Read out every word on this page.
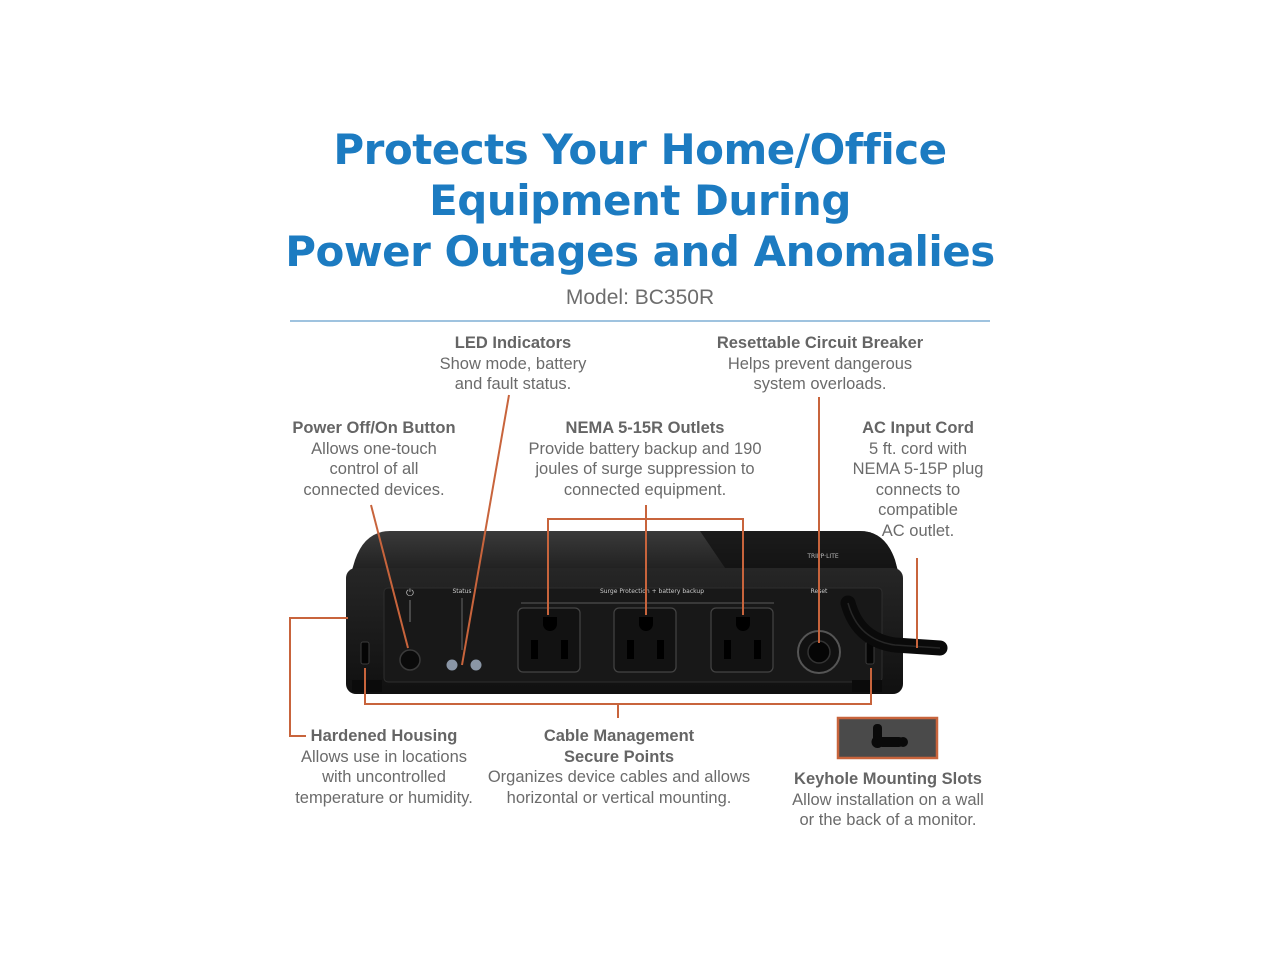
Protects Your Home/Office
Equipment During
Power Outages and Anomalies
Model: BC350R
⏻	Status	Surge Protection + battery backup	Reset
TRIPP·LITE
LED Indicators
Show mode, battery
and fault status.
Resettable Circuit Breaker
Helps prevent dangerous
system overloads.
Power Off/On Button
Allows one-touch
control of all
connected devices.
NEMA 5-15R Outlets
Provide battery backup and 190
joules of surge suppression to
connected equipment.
AC Input Cord
5 ft. cord with
NEMA 5-15P plug
connects to
compatible
AC outlet.
Hardened Housing
Allows use in locations
with uncontrolled
temperature or humidity.
Cable Management
Secure Points
Organizes device cables and allows
horizontal or vertical mounting.
Keyhole Mounting Slots
Allow installation on a wall
or the back of a monitor.
